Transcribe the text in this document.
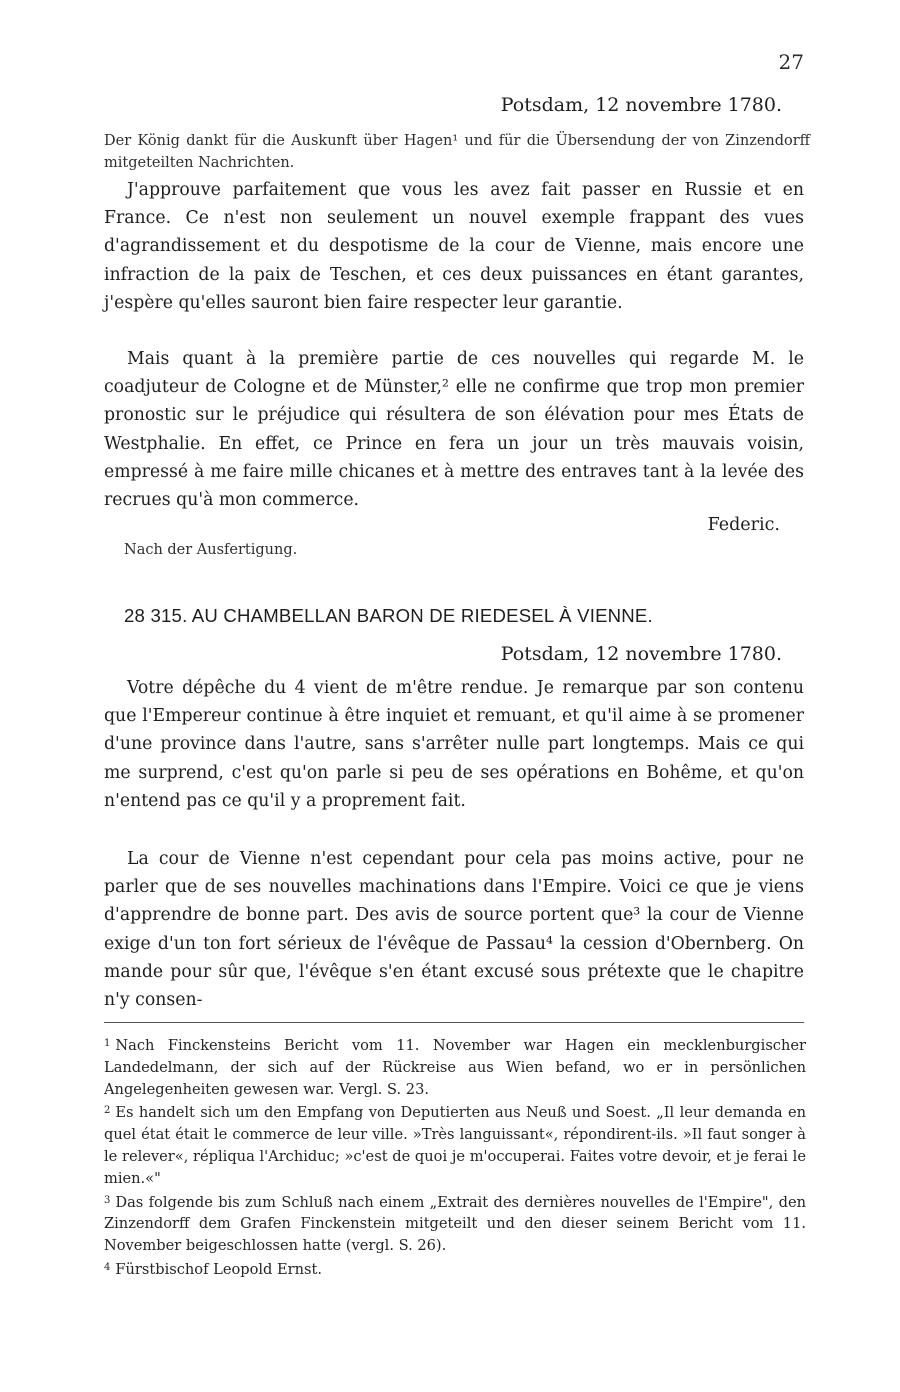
27
Potsdam, 12 novembre 1780.
Der König dankt für die Auskunft über Hagen¹ und für die Übersendung der von Zinzendorff mitgeteilten Nachrichten.

J'approuve parfaitement que vous les avez fait passer en Russie et en France. Ce n'est non seulement un nouvel exemple frappant des vues d'agrandissement et du despotisme de la cour de Vienne, mais encore une infraction de la paix de Teschen, et ces deux puissances en étant garantes, j'espère qu'elles sauront bien faire respecter leur garantie.

Mais quant à la première partie de ces nouvelles qui regarde M. le coadjuteur de Cologne et de Münster,² elle ne confirme que trop mon premier pronostic sur le préjudice qui résultera de son élévation pour mes États de Westphalie. En effet, ce Prince en fera un jour un très mauvais voisin, empressé à me faire mille chicanes et à mettre des entraves tant à la levée des recrues qu'à mon commerce.

Federic.
Nach der Ausfertigung.
28 315. AU CHAMBELLAN BARON DE RIEDESEL À VIENNE.
Potsdam, 12 novembre 1780.

Votre dépêche du 4 vient de m'être rendue. Je remarque par son contenu que l'Empereur continue à être inquiet et remuant, et qu'il aime à se promener d'une province dans l'autre, sans s'arrêter nulle part longtemps. Mais ce qui me surprend, c'est qu'on parle si peu de ses opérations en Bohême, et qu'on n'entend pas ce qu'il y a proprement fait.

La cour de Vienne n'est cependant pour cela pas moins active, pour ne parler que de ses nouvelles machinations dans l'Empire. Voici ce que je viens d'apprendre de bonne part. Des avis de source portent que³ la cour de Vienne exige d'un ton fort sérieux de l'évêque de Passau⁴ la cession d'Obernberg. On mande pour sûr que, l'évêque s'en étant excusé sous prétexte que le chapitre n'y consen-

$^1$ Nach Finckensteins Bericht vom 11. November war Hagen ein mecklenburgischer Landedelmann, der sich auf der Rückreise aus Wien befand, wo er in persönlichen Angelegenheiten gewesen war. Vergl. S. 23.
$^2$ Es handelt sich um den Empfang von Deputierten aus Neuß und Soest. „Il leur demanda en quel état était le commerce de leur ville. »Très languissant«, répondirent-ils. »Il faut songer à le relever«, répliqua l'Archiduc; »c'est de quoi je m'occuperai. Faites votre devoir, et je ferai le mien.«"
$^3$ Das folgende bis zum Schluß nach einem „Extrait des dernières nouvelles de l'Empire", den Zinzendorff dem Grafen Finckenstein mitgeteilt und den dieser seinem Bericht vom 11. November beigeschlossen hatte (vergl. S. 26).
$^4$ Fürstbischof Leopold Ernst.
